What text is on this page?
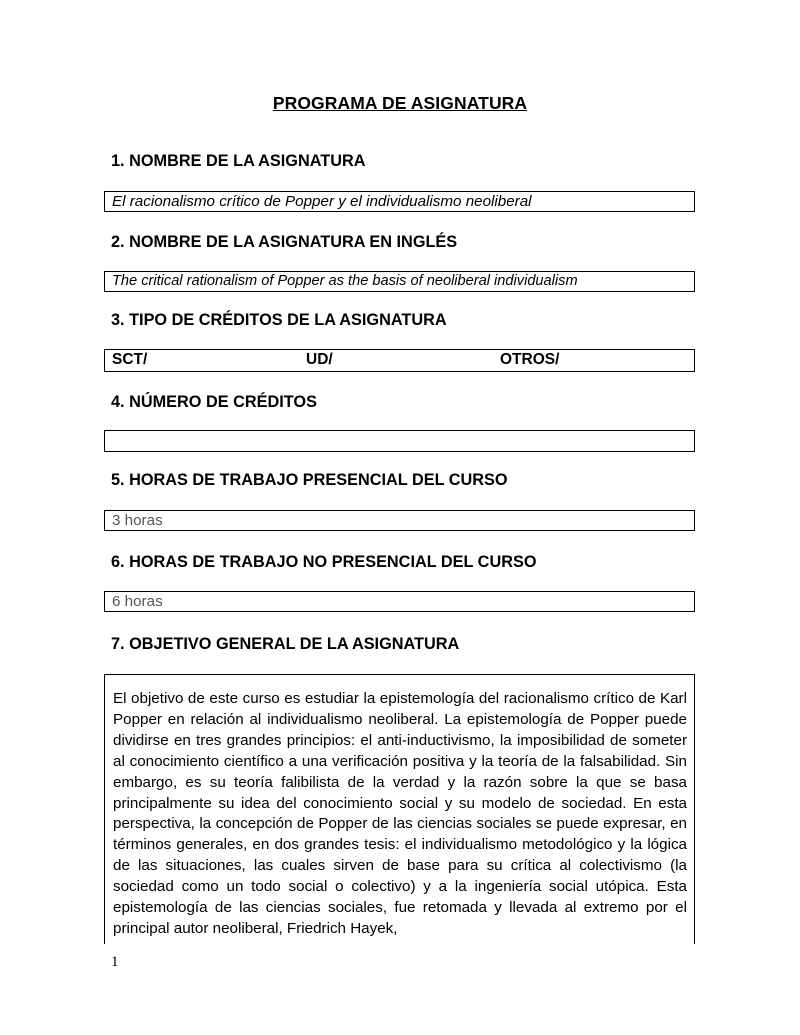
PROGRAMA DE ASIGNATURA
1. NOMBRE DE LA ASIGNATURA
El racionalismo crítico de Popper y el individualismo neoliberal
2. NOMBRE DE LA ASIGNATURA EN INGLÉS
The critical rationalism of Popper as the basis of neoliberal individualism
3. TIPO DE CRÉDITOS DE LA ASIGNATURA
SCT/	UD/	OTROS/
4. NÚMERO DE CRÉDITOS
5. HORAS DE TRABAJO PRESENCIAL DEL CURSO
3 horas
6. HORAS DE TRABAJO NO PRESENCIAL DEL CURSO
6 horas
7. OBJETIVO GENERAL DE LA ASIGNATURA

El objetivo de este curso es estudiar la epistemología del racionalismo crítico de Karl Popper en relación al individualismo neoliberal. La epistemología de Popper puede dividirse en tres grandes principios: el anti-inductivismo, la imposibilidad de someter al conocimiento científico a una verificación positiva y la teoría de la falsabilidad. Sin embargo, es su teoría falibilista de la verdad y la razón sobre la que se basa principalmente su idea del conocimiento social y su modelo de sociedad. En esta perspectiva, la concepción de Popper de las ciencias sociales se puede expresar, en términos generales, en dos grandes tesis: el individualismo metodológico y la lógica de las situaciones, las cuales sirven de base para su crítica al colectivismo (la sociedad como un todo social o colectivo) y a la ingeniería social utópica. Esta epistemología de las ciencias sociales, fue retomada y llevada al extremo por el principal autor neoliberal, Friedrich Hayek,

1
